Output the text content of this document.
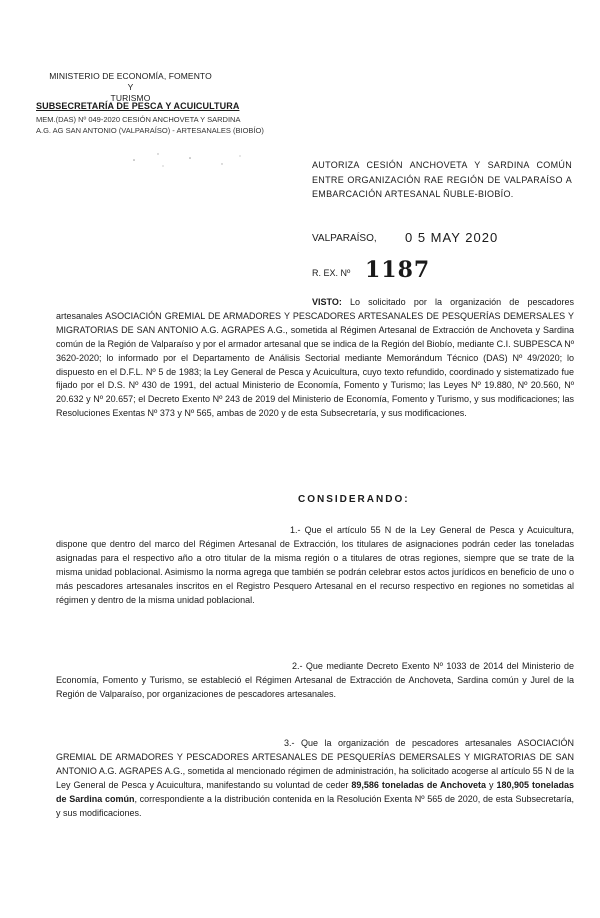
MINISTERIO DE ECONOMÍA, FOMENTO Y
TURISMO
SUBSECRETARÍA DE PESCA Y ACUICULTURA
MEM.(DAS) Nº 049-2020 CESIÓN ANCHOVETA Y SARDINA
A.G. AG SAN ANTONIO (VALPARAÍSO) - ARTESANALES (BIOBÍO)
AUTORIZA CESIÓN ANCHOVETA Y SARDINA COMÚN ENTRE ORGANIZACIÓN RAE REGIÓN DE VALPARAÍSO A EMBARCACIÓN ARTESANAL ÑUBLE-BIOBÍO.
VALPARAÍSO, 0 5 MAY 2020
R. EX. Nº 1187
VISTO: Lo solicitado por la organización de pescadores artesanales ASOCIACIÓN GREMIAL DE ARMADORES Y PESCADORES ARTESANALES DE PESQUERÍAS DEMERSALES Y MIGRATORIAS DE SAN ANTONIO A.G. AGRAPES A.G., sometida al Régimen Artesanal de Extracción de Anchoveta y Sardina común de la Región de Valparaíso y por el armador artesanal que se indica de la Región del Biobío, mediante C.I. SUBPESCA Nº 3620-2020; lo informado por el Departamento de Análisis Sectorial mediante Memorándum Técnico (DAS) Nº 49/2020; lo dispuesto en el D.F.L. Nº 5 de 1983; la Ley General de Pesca y Acuicultura, cuyo texto refundido, coordinado y sistematizado fue fijado por el D.S. Nº 430 de 1991, del actual Ministerio de Economía, Fomento y Turismo; las Leyes Nº 19.880, Nº 20.560, Nº 20.632 y Nº 20.657; el Decreto Exento Nº 243 de 2019 del Ministerio de Economía, Fomento y Turismo, y sus modificaciones; las Resoluciones Exentas Nº 373 y Nº 565, ambas de 2020 y de esta Subsecretaría, y sus modificaciones.
CONSIDERANDO:
1.- Que el artículo 55 N de la Ley General de Pesca y Acuicultura, dispone que dentro del marco del Régimen Artesanal de Extracción, los titulares de asignaciones podrán ceder las toneladas asignadas para el respectivo año a otro titular de la misma región o a titulares de otras regiones, siempre que se trate de la misma unidad poblacional. Asimismo la norma agrega que también se podrán celebrar estos actos jurídicos en beneficio de uno o más pescadores artesanales inscritos en el Registro Pesquero Artesanal en el recurso respectivo en regiones no sometidas al régimen y dentro de la misma unidad poblacional.
2.- Que mediante Decreto Exento Nº 1033 de 2014 del Ministerio de Economía, Fomento y Turismo, se estableció el Régimen Artesanal de Extracción de Anchoveta, Sardina común y Jurel de la Región de Valparaíso, por organizaciones de pescadores artesanales.
3.- Que la organización de pescadores artesanales ASOCIACIÓN GREMIAL DE ARMADORES Y PESCADORES ARTESANALES DE PESQUERÍAS DEMERSALES Y MIGRATORIAS DE SAN ANTONIO A.G. AGRAPES A.G., sometida al mencionado régimen de administración, ha solicitado acogerse al artículo 55 N de la Ley General de Pesca y Acuicultura, manifestando su voluntad de ceder 89,586 toneladas de Anchoveta y 180,905 toneladas de Sardina común, correspondiente a la distribución contenida en la Resolución Exenta Nº 565 de 2020, de esta Subsecretaría, y sus modificaciones.
